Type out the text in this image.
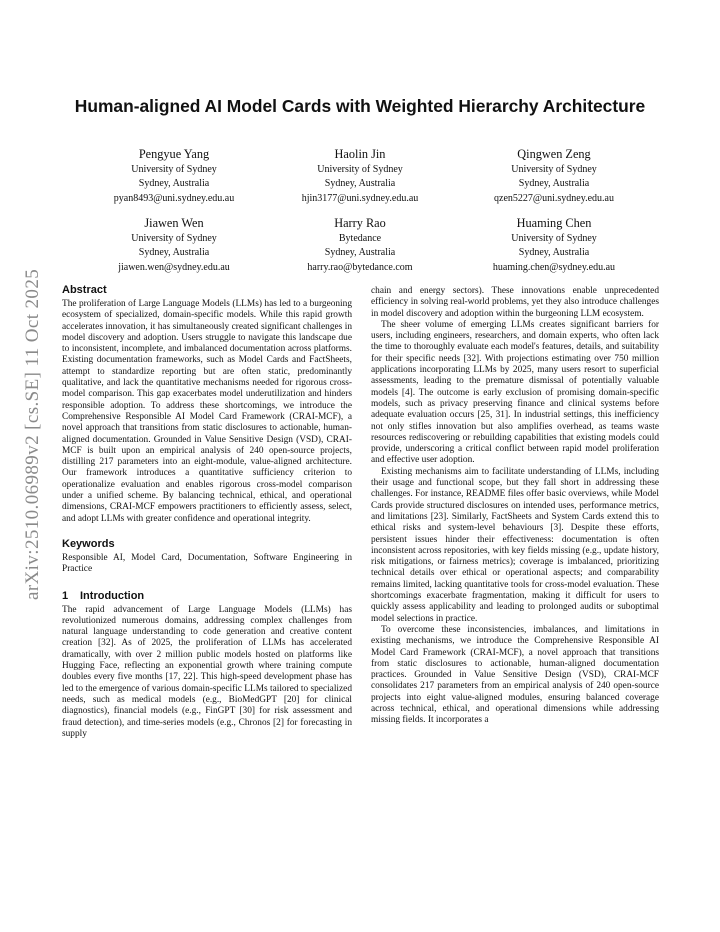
arXiv:2510.06989v2 [cs.SE] 11 Oct 2025
Human-aligned AI Model Cards with Weighted Hierarchy Architecture
Pengyue Yang
University of Sydney
Sydney, Australia
pyan8493@uni.sydney.edu.au
Haolin Jin
University of Sydney
Sydney, Australia
hjin3177@uni.sydney.edu.au
Qingwen Zeng
University of Sydney
Sydney, Australia
qzen5227@uni.sydney.edu.au
Jiawen Wen
University of Sydney
Sydney, Australia
jiawen.wen@sydney.edu.au
Harry Rao
Bytedance
Sydney, Australia
harry.rao@bytedance.com
Huaming Chen
University of Sydney
Sydney, Australia
huaming.chen@sydney.edu.au
Abstract

The proliferation of Large Language Models (LLMs) has led to a burgeoning ecosystem of specialized, domain-specific models. While this rapid growth accelerates innovation, it has simultaneously created significant challenges in model discovery and adoption. Users struggle to navigate this landscape due to inconsistent, incomplete, and imbalanced documentation across platforms. Existing documentation frameworks, such as Model Cards and FactSheets, attempt to standardize reporting but are often static, predominantly qualitative, and lack the quantitative mechanisms needed for rigorous cross-model comparison. This gap exacerbates model underutilization and hinders responsible adoption. To address these shortcomings, we introduce the Comprehensive Responsible AI Model Card Framework (CRAI-MCF), a novel approach that transitions from static disclosures to actionable, human-aligned documentation. Grounded in Value Sensitive Design (VSD), CRAI-MCF is built upon an empirical analysis of 240 open-source projects, distilling 217 parameters into an eight-module, value-aligned architecture. Our framework introduces a quantitative sufficiency criterion to operationalize evaluation and enables rigorous cross-model comparison under a unified scheme. By balancing technical, ethical, and operational dimensions, CRAI-MCF empowers practitioners to efficiently assess, select, and adopt LLMs with greater confidence and operational integrity.

Keywords

Responsible AI, Model Card, Documentation, Software Engineering in Practice

1 Introduction

The rapid advancement of Large Language Models (LLMs) has revolutionized numerous domains, addressing complex challenges from natural language understanding to code generation and creative content creation [32]. As of 2025, the proliferation of LLMs has accelerated dramatically, with over 2 million public models hosted on platforms like Hugging Face, reflecting an exponential growth where training compute doubles every five months [17, 22]. This high-speed development phase has led to the emergence of various domain-specific LLMs tailored to specialized needs, such as medical models (e.g., BioMedGPT [20] for clinical diagnostics), financial models (e.g., FinGPT [30] for risk assessment and fraud detection), and time-series models (e.g., Chronos [2] for forecasting in supply

chain and energy sectors). These innovations enable unprecedented efficiency in solving real-world problems, yet they also introduce challenges in model discovery and adoption within the burgeoning LLM ecosystem.

The sheer volume of emerging LLMs creates significant barriers for users, including engineers, researchers, and domain experts, who often lack the time to thoroughly evaluate each model's features, details, and suitability for their specific needs [32]. With projections estimating over 750 million applications incorporating LLMs by 2025, many users resort to superficial assessments, leading to the premature dismissal of potentially valuable models [4]. The outcome is early exclusion of promising domain-specific models, such as privacy preserving finance and clinical systems before adequate evaluation occurs [25, 31]. In industrial settings, this inefficiency not only stifles innovation but also amplifies overhead, as teams waste resources rediscovering or rebuilding capabilities that existing models could provide, underscoring a critical conflict between rapid model proliferation and effective user adoption.

Existing mechanisms aim to facilitate understanding of LLMs, including their usage and functional scope, but they fall short in addressing these challenges. For instance, README files offer basic overviews, while Model Cards provide structured disclosures on intended uses, performance metrics, and limitations [23]. Similarly, FactSheets and System Cards extend this to ethical risks and system-level behaviours [3]. Despite these efforts, persistent issues hinder their effectiveness: documentation is often inconsistent across repositories, with key fields missing (e.g., update history, risk mitigations, or fairness metrics); coverage is imbalanced, prioritizing technical details over ethical or operational aspects; and comparability remains limited, lacking quantitative tools for cross-model evaluation. These shortcomings exacerbate fragmentation, making it difficult for users to quickly assess applicability and leading to prolonged audits or suboptimal model selections in practice.

To overcome these inconsistencies, imbalances, and limitations in existing mechanisms, we introduce the Comprehensive Responsible AI Model Card Framework (CRAI-MCF), a novel approach that transitions from static disclosures to actionable, human-aligned documentation practices. Grounded in Value Sensitive Design (VSD), CRAI-MCF consolidates 217 parameters from an empirical analysis of 240 open-source projects into eight value-aligned modules, ensuring balanced coverage across technical, ethical, and operational dimensions while addressing missing fields. It incorporates a
